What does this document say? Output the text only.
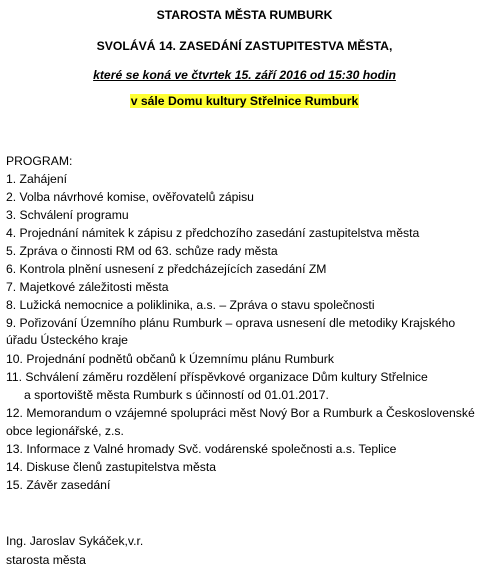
STAROSTA MĚSTA RUMBURK
SVOLÁVÁ 14. ZASEDÁNÍ ZASTUPITESTVA MĚSTA,
které se koná ve čtvrtek 15. září 2016 od 15:30 hodin
v sále Domu kultury Střelnice Rumburk
PROGRAM:
1. Zahájení
2. Volba návrhové komise, ověřovatelů zápisu
3. Schválení programu
4. Projednání námitek k zápisu z předchozího zasedání zastupitelstva města
5. Zpráva o činnosti RM od 63. schůze rady města
6. Kontrola plnění usnesení z předcházejících zasedání ZM
7. Majetkové záležitosti města
8. Lužická nemocnice a poliklinika, a.s. – Zpráva o stavu společnosti
9. Pořizování Územního plánu Rumburk – oprava usnesení dle metodiky Krajského
úřadu Ústeckého kraje
10. Projednání podnětů občanů k Územnímu plánu Rumburk
11. Schválení záměru rozdělení příspěvkové organizace Dům kultury Střelnice
a sportoviště města Rumburk s účinností od 01.01.2017.
12. Memorandum o vzájemné spolupráci měst Nový Bor a Rumburk a Československé
obce legionářské, z.s.
13. Informace z Valné hromady Svč. vodárenské společnosti a.s. Teplice
14. Diskuse členů zastupitelstva města
15. Závěr zasedání
Ing. Jaroslav Sykáček,v.r.
starosta města
